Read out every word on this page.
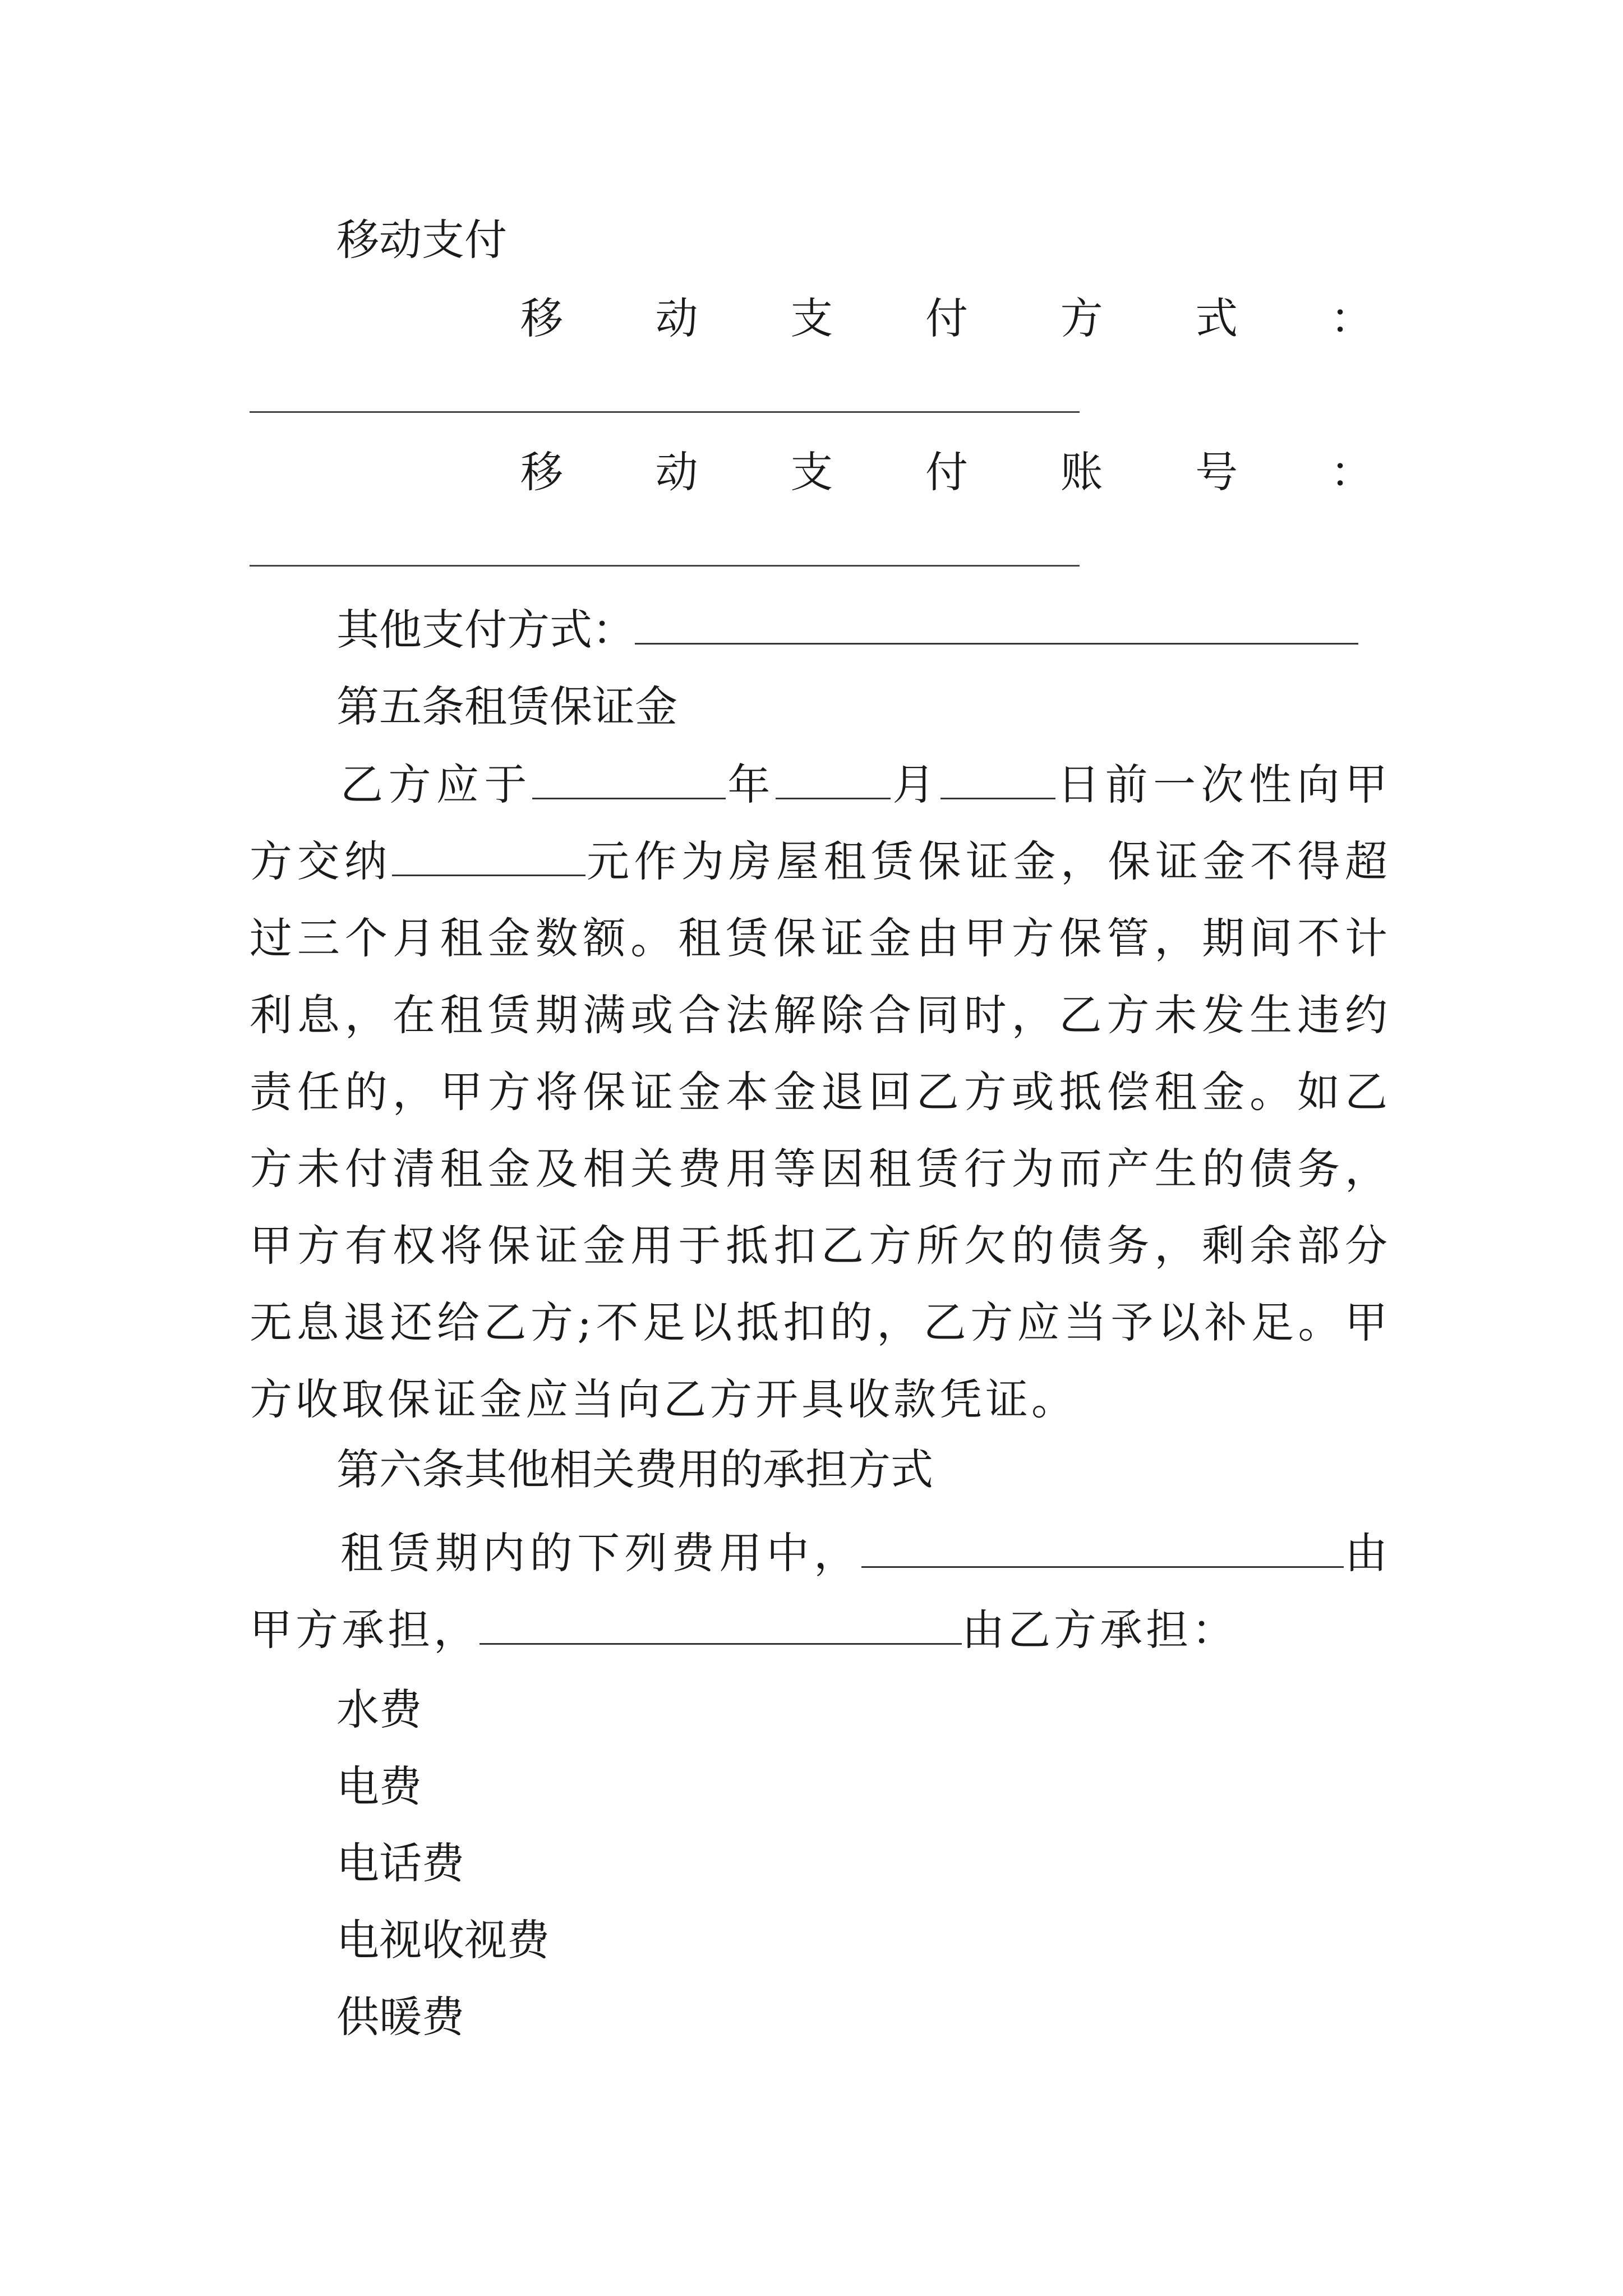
移动支付
移 动 支 付 方 式 ：
移 动 支 付 账 号 ：
其他支付方式：
第五条租赁保证金
乙方应于	年	月	日前一次性向甲方交纳	元作为房屋租赁保证金，保证金不得超过三个月租金数额。租赁保证金由甲方保管，期间不计利息，在租赁期满或合法解除合同时，乙方未发生违约责任的，甲方将保证金本金退回乙方或抵偿租金。如乙方未付清租金及相关费用等因租赁行为而产生的债务，甲方有权将保证金用于抵扣乙方所欠的债务，剩余部分无息退还给乙方;不足以抵扣的，乙方应当予以补足。甲方收取保证金应当向乙方开具收款凭证。
第六条其他相关费用的承担方式
租赁期内的下列费用中，	由甲方承担，	由乙方承担：
水费
电费
电话费
电视收视费
供暖费
